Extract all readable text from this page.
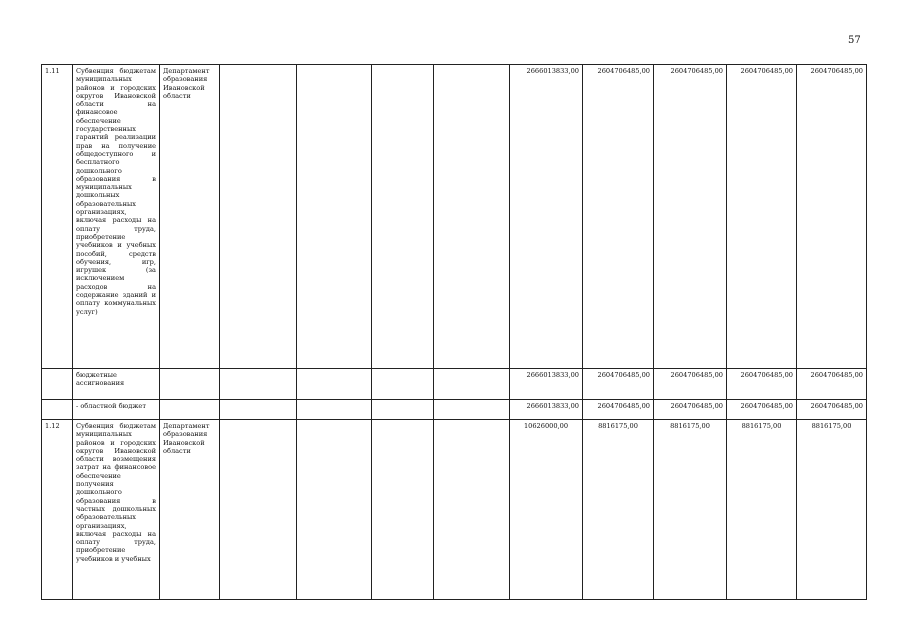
57
1.11	Субвенция бюджетам муниципальных районов и городских округов Ивановской области на финансовое обеспечение государственных гарантий реализации прав на получение общедоступного и бесплатного дошкольного образования в муниципальных дошкольных образовательных организациях, включая расходы на оплату труда, приобретение учебников и учебных пособий, средств обучения, игр, игрушек (за исключением расходов на содержание зданий и оплату коммунальных услуг)	Департамент образования Ивановской области					2666013833,00	2604706485,00	2604706485,00	2604706485,00	2604706485,00
	бюджетные ассигнования						2666013833,00	2604706485,00	2604706485,00	2604706485,00	2604706485,00
	- областной бюджет						2666013833,00	2604706485,00	2604706485,00	2604706485,00	2604706485,00
1.12	Субвенция бюджетам муниципальных районов и городских округов Ивановской области возмещения затрат на финансовое обеспечение получения дошкольного образования в частных дошкольных образовательных организациях, включая расходы на оплату труда, приобретение учебников и учебных	Департамент образования Ивановской области					10626000,00	8816175,00	8816175,00	8816175,00	8816175,00
